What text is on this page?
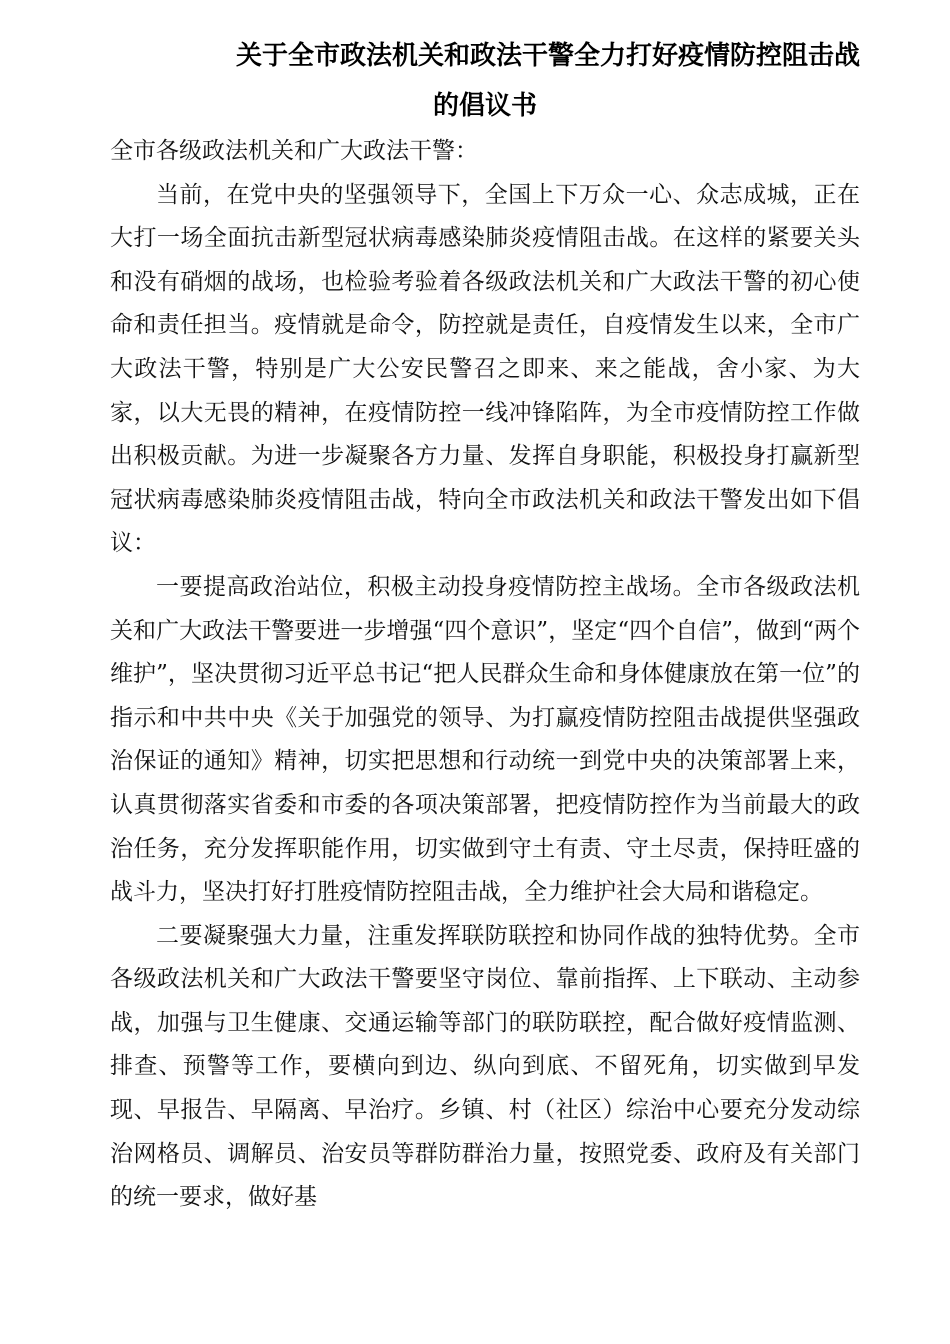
关于全市政法机关和政法干警全力打好疫情防控阻击战
的倡议书

全市各级政法机关和广大政法干警：

当前，在党中央的坚强领导下，全国上下万众一心、众志成城，正在大打一场全面抗击新型冠状病毒感染肺炎疫情阻击战。在这样的紧要关头和没有硝烟的战场，也检验考验着各级政法机关和广大政法干警的初心使命和责任担当。疫情就是命令，防控就是责任，自疫情发生以来，全市广大政法干警，特别是广大公安民警召之即来、来之能战，舍小家、为大家，以大无畏的精神，在疫情防控一线冲锋陷阵，为全市疫情防控工作做出积极贡献。为进一步凝聚各方力量、发挥自身职能，积极投身打赢新型冠状病毒感染肺炎疫情阻击战，特向全市政法机关和政法干警发出如下倡议：

一要提高政治站位，积极主动投身疫情防控主战场。全市各级政法机关和广大政法干警要进一步增强“四个意识”，坚定“四个自信”，做到“两个维护”，坚决贯彻习近平总书记“把人民群众生命和身体健康放在第一位”的指示和中共中央《关于加强党的领导、为打赢疫情防控阻击战提供坚强政治保证的通知》精神，切实把思想和行动统一到党中央的决策部署上来，认真贯彻落实省委和市委的各项决策部署，把疫情防控作为当前最大的政治任务，充分发挥职能作用，切实做到守土有责、守土尽责，保持旺盛的战斗力，坚决打好打胜疫情防控阻击战，全力维护社会大局和谐稳定。

二要凝聚强大力量，注重发挥联防联控和协同作战的独特优势。全市各级政法机关和广大政法干警要坚守岗位、靠前指挥、上下联动、主动参战，加强与卫生健康、交通运输等部门的联防联控，配合做好疫情监测、排查、预警等工作，要横向到边、纵向到底、不留死角，切实做到早发现、早报告、早隔离、早治疗。乡镇、村（社区）综治中心要充分发动综治网格员、调解员、治安员等群防群治力量，按照党委、政府及有关部门的统一要求，做好基
